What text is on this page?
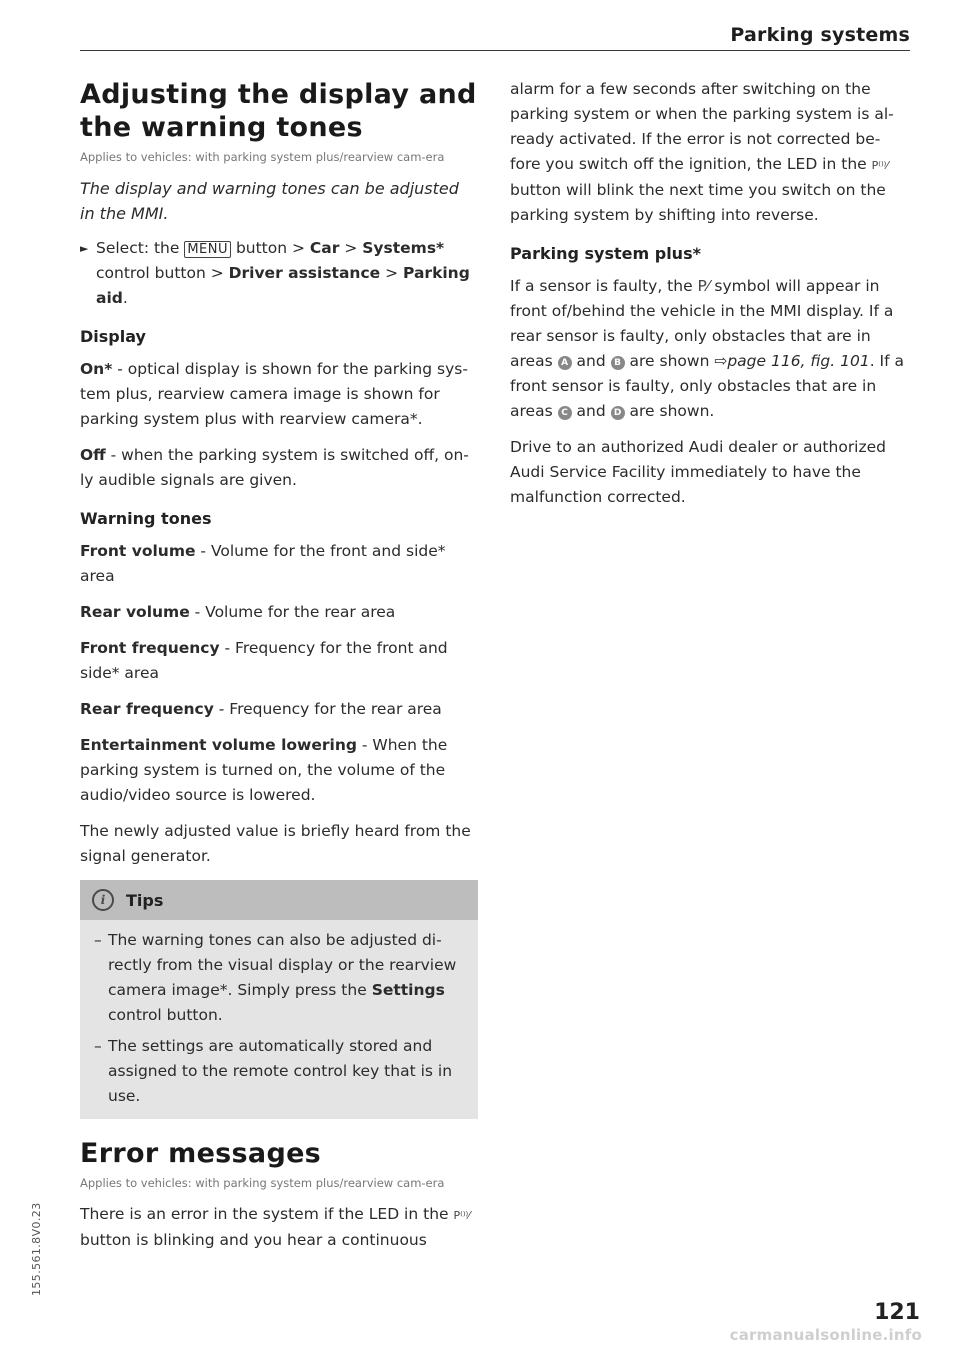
Parking systems
Adjusting the display and the warning tones
Applies to vehicles: with parking system plus/rearview cam-era

The display and warning tones can be adjusted in the MMI.

► Select: the MENU button > Car > Systems* control button > Driver assistance > Parking aid.
Display

On* - optical display is shown for the parking sys-tem plus, rearview camera image is shown for parking system plus with rearview camera*.

Off - when the parking system is switched off, on-ly audible signals are given.

Warning tones

Front volume - Volume for the front and side* area

Rear volume - Volume for the rear area

Front frequency - Frequency for the front and side* area

Rear frequency - Frequency for the rear area

Entertainment volume lowering - When the parking system is turned on, the volume of the audio/video source is lowered.

The newly adjusted value is briefly heard from the signal generator.

i	Tips
– The warning tones can also be adjusted di-rectly from the visual display or the rearview camera image*. Simply press the Settings control button.
– The settings are automatically stored and assigned to the remote control key that is in use.
Error messages
Applies to vehicles: with parking system plus/rearview cam-era

There is an error in the system if the LED in the P⁽⁾⁾⁄ button is blinking and you hear a continuous

alarm for a few seconds after switching on the parking system or when the parking system is al-ready activated. If the error is not corrected be-fore you switch off the ignition, the LED in the P⁽⁾⁾⁄ button will blink the next time you switch on the parking system by shifting into reverse.

Parking system plus*

If a sensor is faulty, the P⁄ symbol will appear in front of/behind the vehicle in the MMI display. If a rear sensor is faulty, only obstacles that are in areas A and B are shown ⇨page 116, fig. 101. If a front sensor is faulty, only obstacles that are in areas C and D are shown.

Drive to an authorized Audi dealer or authorized Audi Service Facility immediately to have the malfunction corrected.

155.561.8V0.23
121
carmanualsonline.info
